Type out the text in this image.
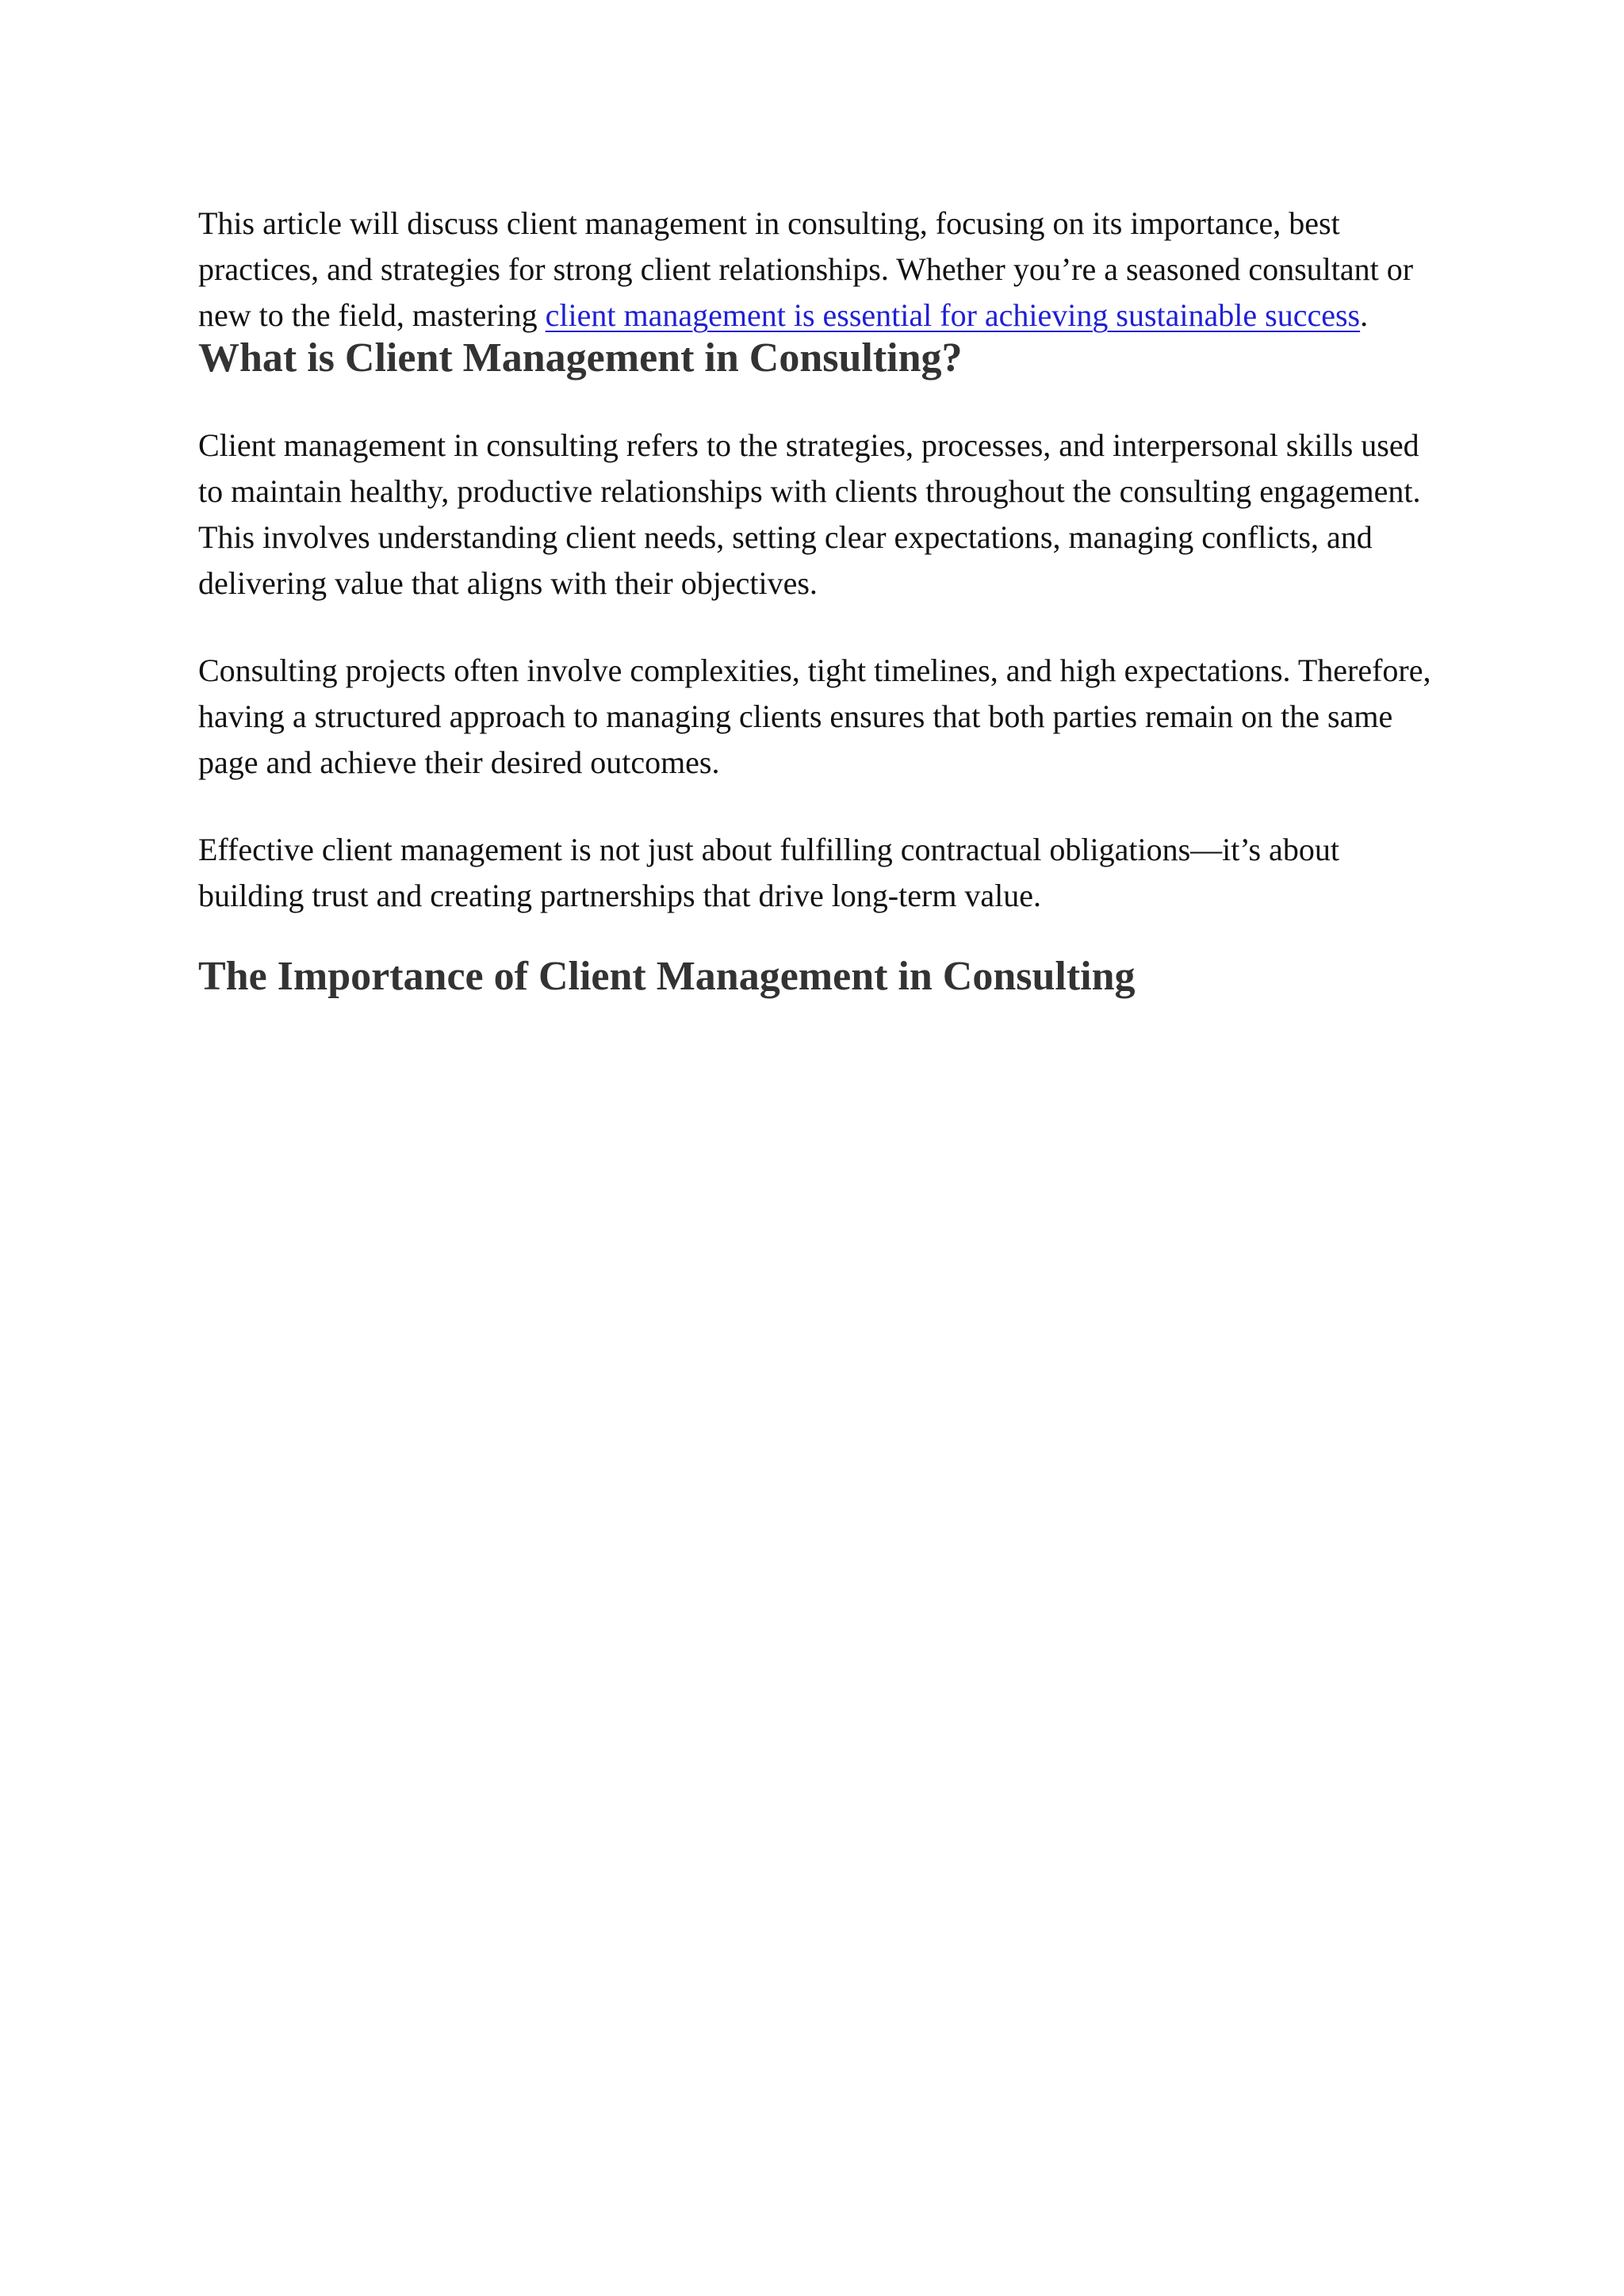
This article will discuss client management in consulting, focusing on its importance, best practices, and strategies for strong client relationships. Whether you’re a seasoned consultant or new to the field, mastering client management is essential for achieving sustainable success.

What is Client Management in Consulting?

Client management in consulting refers to the strategies, processes, and interpersonal skills used to maintain healthy, productive relationships with clients throughout the consulting engagement. This involves understanding client needs, setting clear expectations, managing conflicts, and delivering value that aligns with their objectives.

Consulting projects often involve complexities, tight timelines, and high expectations. Therefore, having a structured approach to managing clients ensures that both parties remain on the same page and achieve their desired outcomes.

Effective client management is not just about fulfilling contractual obligations—it’s about building trust and creating partnerships that drive long-term value.

The Importance of Client Management in Consulting
